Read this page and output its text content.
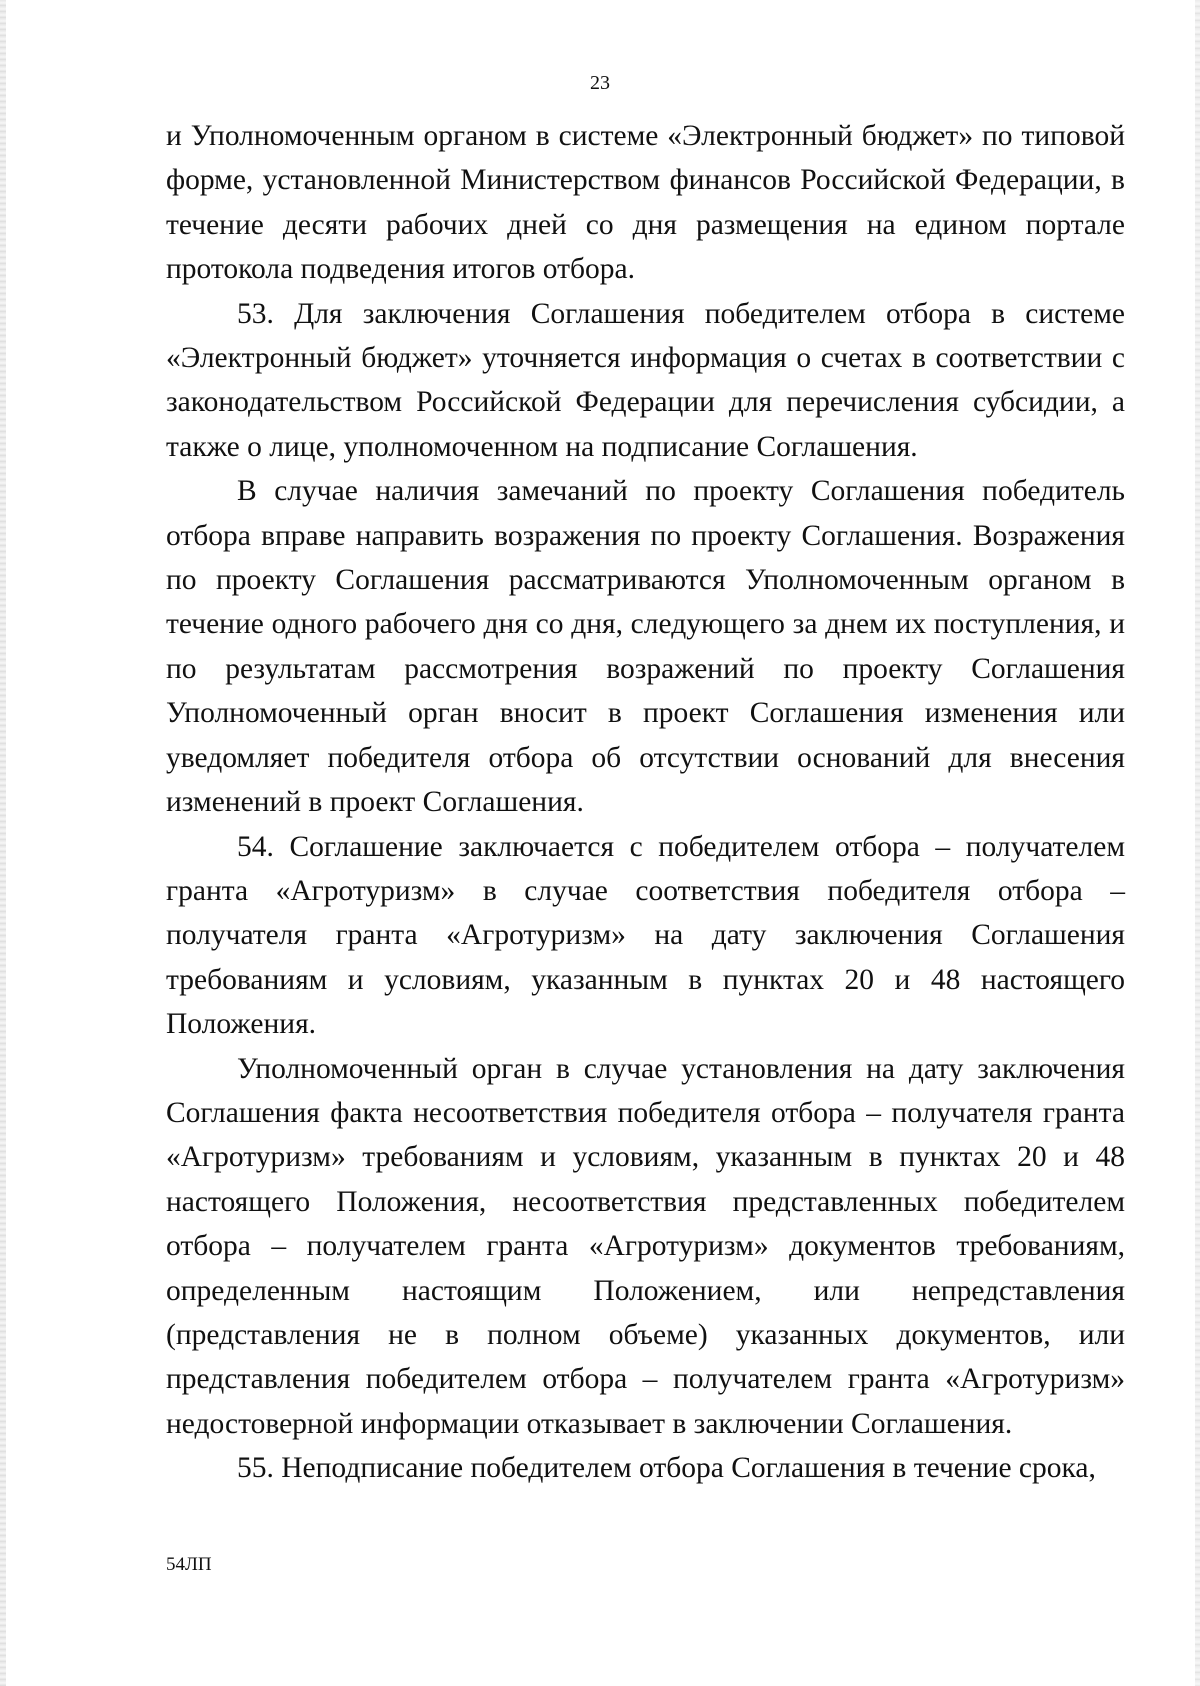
23

и Уполномоченным органом в системе «Электронный бюджет» по типовой форме, установленной Министерством финансов Российской Федерации, в течение десяти рабочих дней со дня размещения на едином портале протокола подведения итогов отбора.

53. Для заключения Соглашения победителем отбора в системе «Электронный бюджет» уточняется информация о счетах в соответствии с законодательством Российской Федерации для перечисления субсидии, а также о лице, уполномоченном на подписание Соглашения.

В случае наличия замечаний по проекту Соглашения победитель отбора вправе направить возражения по проекту Соглашения. Возражения по проекту Соглашения рассматриваются Уполномоченным органом в течение одного рабочего дня со дня, следующего за днем их поступления, и по результатам рассмотрения возражений по проекту Соглашения Уполномоченный орган вносит в проект Соглашения изменения или уведомляет победителя отбора об отсутствии оснований для внесения изменений в проект Соглашения.

54. Соглашение заключается с победителем отбора – получателем гранта «Агротуризм» в случае соответствия победителя отбора – получателя гранта «Агротуризм» на дату заключения Соглашения требованиям и условиям, указанным в пунктах 20 и 48 настоящего Положения.

Уполномоченный орган в случае установления на дату заключения Соглашения факта несоответствия победителя отбора – получателя гранта «Агротуризм» требованиям и условиям, указанным в пунктах 20 и 48 настоящего Положения, несоответствия представленных победителем отбора – получателем гранта «Агротуризм» документов требованиям, определенным настоящим Положением, или непредставления (представления не в полном объеме) указанных документов, или представления победителем отбора – получателем гранта «Агротуризм» недостоверной информации отказывает в заключении Соглашения.

55. Неподписание победителем отбора Соглашения в течение срока,

54ЛП
